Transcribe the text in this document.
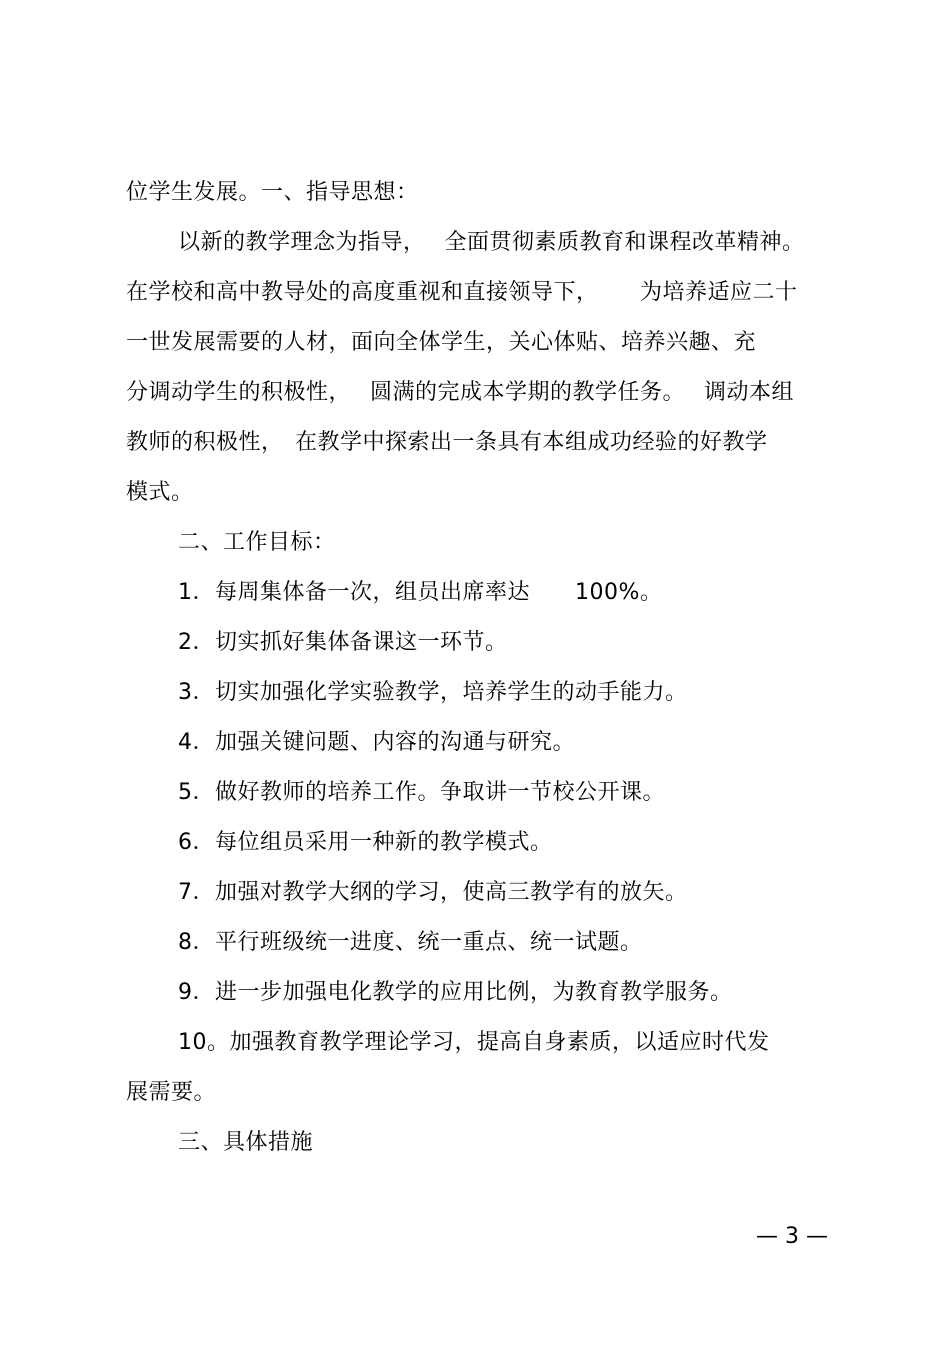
位学生发展。一、指导思想：
以新的教学理念为指导，　 全面贯彻素质教育和课程改革精神。
在学校和高中教导处的高度重视和直接领导下，　　 为培养适应二十
一世发展需要的人材，面向全体学生，关心体贴、培养兴趣、充
分调动学生的积极性，　 圆满的完成本学期的教学任务。　 调动本组
教师的积极性，　在教学中探索出一条具有本组成功经验的好教学
模式。
二、工作目标：
1．每周集体备一次，组员出席率达　　100%。
2．切实抓好集体备课这一环节。
3．切实加强化学实验教学，培养学生的动手能力。
4．加强关键问题、内容的沟通与研究。
5．做好教师的培养工作。争取讲一节校公开课。
6．每位组员采用一种新的教学模式。
7．加强对教学大纲的学习，使高三教学有的放矢。
8．平行班级统一进度、统一重点、统一试题。
9．进一步加强电化教学的应用比例，为教育教学服务。
10。加强教育教学理论学习，提高自身素质，以适应时代发
展需要。
三、具体措施
— 3 —
